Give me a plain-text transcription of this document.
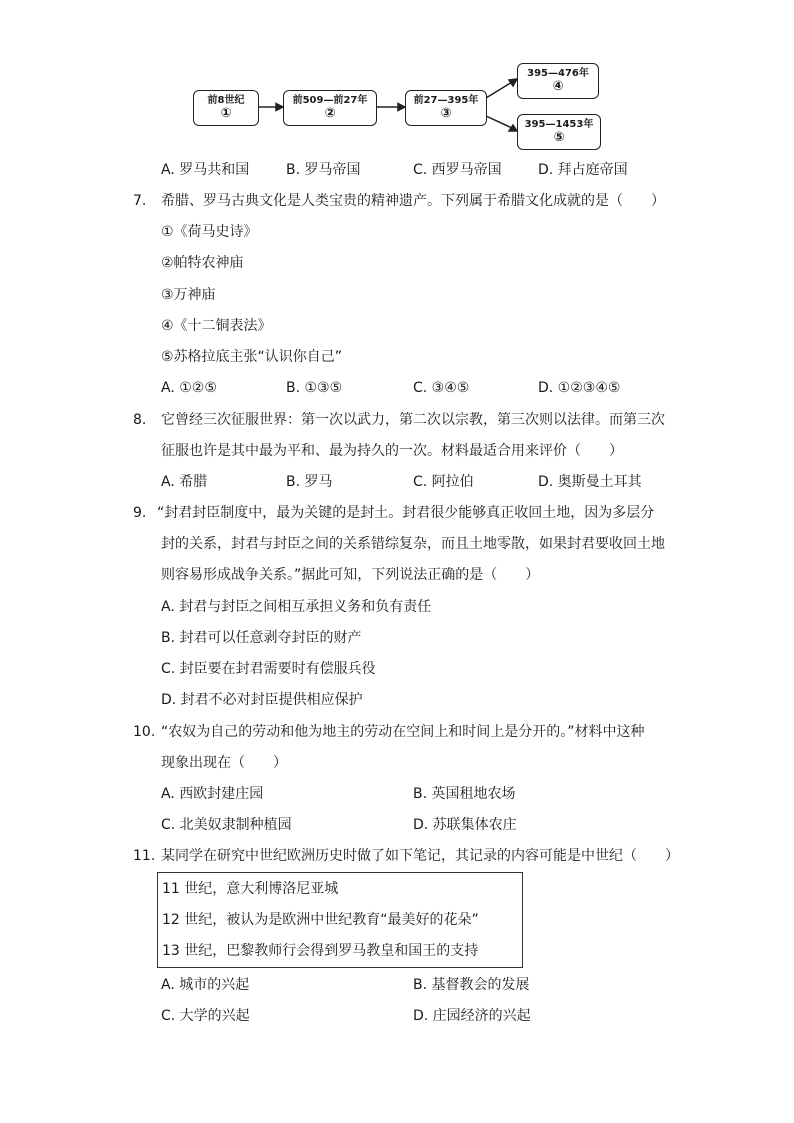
前8世纪
①
前509—前27年
②
前27—395年
③
395—476年
④
395—1453年
⑤
A. 罗马共和国	B. 罗马帝国	C. 西罗马帝国	D. 拜占庭帝国
7. 希腊、罗马古典文化是人类宝贵的精神遗产。下列属于希腊文化成就的是（　　）
①《荷马史诗》
②帕特农神庙
③万神庙
④《十二铜表法》
⑤苏格拉底主张“认识你自己”
A. ①②⑤	B. ①③⑤	C. ③④⑤	D. ①②③④⑤
8. 它曾经三次征服世界：第一次以武力，第二次以宗教，第三次则以法律。而第三次
征服也许是其中最为平和、最为持久的一次。材料最适合用来评价（　　）
A. 希腊	B. 罗马	C. 阿拉伯	D. 奥斯曼土耳其
9. “封君封臣制度中，最为关键的是封土。封君很少能够真正收回土地，因为多层分
封的关系，封君与封臣之间的关系错综复杂，而且土地零散，如果封君要收回土地
则容易形成战争关系。”据此可知，下列说法正确的是（　　）
A. 封君与封臣之间相互承担义务和负有责任
B. 封君可以任意剥夺封臣的财产
C. 封臣要在封君需要时有偿服兵役
D. 封君不必对封臣提供相应保护
10. “农奴为自己的劳动和他为地主的劳动在空间上和时间上是分开的。”材料中这种
现象出现在（　　）
A. 西欧封建庄园	B. 英国租地农场
C. 北美奴隶制种植园	D. 苏联集体农庄
11. 某同学在研究中世纪欧洲历史时做了如下笔记，其记录的内容可能是中世纪（　　）
11 世纪，意大利博洛尼亚城
12 世纪，被认为是欧洲中世纪教育“最美好的花朵”
13 世纪，巴黎教师行会得到罗马教皇和国王的支持
A. 城市的兴起	B. 基督教会的发展
C. 大学的兴起	D. 庄园经济的兴起
